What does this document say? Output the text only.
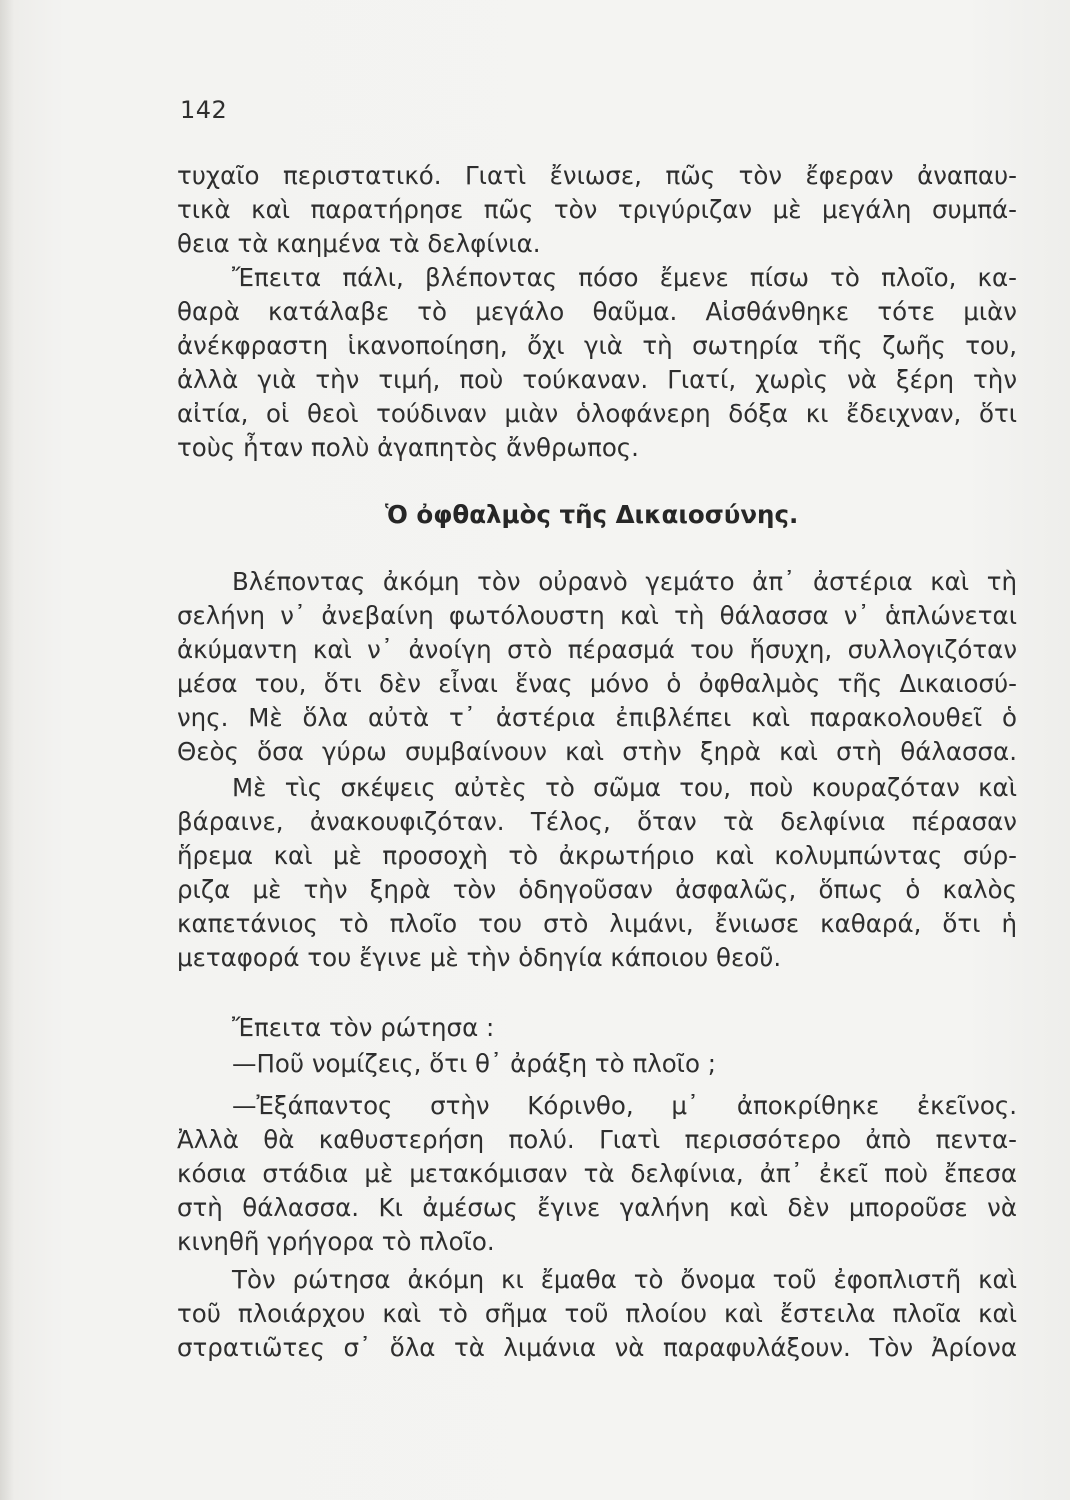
142
τυχαῖο περιστατικό. Γιατὶ ἔνιωσε, πῶς τὸν ἔφεραν ἀναπαυ-
τικὰ καὶ παρατήρησε πῶς τὸν τριγύριζαν μὲ μεγάλη συμπά-
θεια τὰ καημένα τὰ δελφίνια.
Ἔπειτα πάλι, βλέποντας πόσο ἔμενε πίσω τὸ πλοῖο, κα-
θαρὰ κατάλαβε τὸ μεγάλο θαῦμα. Αἰσθάνθηκε τότε μιὰν
ἀνέκφραστη ἱκανοποίηση, ὄχι γιὰ τὴ σωτηρία τῆς ζωῆς του,
ἀλλὰ γιὰ τὴν τιμή, ποὺ τούκαναν. Γιατί, χωρὶς νὰ ξέρη τὴν
αἰτία, οἱ θεοὶ τούδιναν μιὰν ὁλοφάνερη δόξα κι ἔδειχναν, ὅτι
τοὺς ἦταν πολὺ ἀγαπητὸς ἄνθρωπος.
Ὁ ὀφθαλμὸς τῆς Δικαιοσύνης.
Βλέποντας ἀκόμη τὸν οὐρανὸ γεμάτο ἀπ᾽ ἀστέρια καὶ τὴ
σελήνη ν᾽ ἀνεβαίνη φωτόλουστη καὶ τὴ θάλασσα ν᾽ ἁπλώνεται
ἀκύμαντη καὶ ν᾽ ἀνοίγη στὸ πέρασμά του ἥσυχη, συλλογιζόταν
μέσα του, ὅτι δὲν εἶναι ἕνας μόνο ὁ ὀφθαλμὸς τῆς Δικαιοσύ-
νης. Μὲ ὅλα αὐτὰ τ᾽ ἀστέρια ἐπιβλέπει καὶ παρακολουθεῖ ὁ
Θεὸς ὅσα γύρω συμβαίνουν καὶ στὴν ξηρὰ καὶ στὴ θάλασσα.
Μὲ τὶς σκέψεις αὐτὲς τὸ σῶμα του, ποὺ κουραζόταν καὶ
βάραινε, ἀνακουφιζόταν. Τέλος, ὅταν τὰ δελφίνια πέρασαν
ἥρεμα καὶ μὲ προσοχὴ τὸ ἀκρωτήριο καὶ κολυμπώντας σύρ-
ριζα μὲ τὴν ξηρὰ τὸν ὁδηγοῦσαν ἀσφαλῶς, ὅπως ὁ καλὸς
καπετάνιος τὸ πλοῖο του στὸ λιμάνι, ἔνιωσε καθαρά, ὅτι ἡ
μεταφορά του ἔγινε μὲ τὴν ὁδηγία κάποιου θεοῦ.
Ἔπειτα τὸν ρώτησα :
—Ποῦ νομίζεις, ὅτι θ᾽ ἀράξη τὸ πλοῖο ;
—Ἐξάπαντος στὴν Κόρινθο, μ᾽ ἀποκρίθηκε ἐκεῖνος.
Ἀλλὰ θὰ καθυστερήση πολύ. Γιατὶ περισσότερο ἀπὸ πεντα-
κόσια στάδια μὲ μετακόμισαν τὰ δελφίνια, ἀπ᾽ ἐκεῖ ποὺ ἔπεσα
στὴ θάλασσα. Κι ἀμέσως ἔγινε γαλήνη καὶ δὲν μποροῦσε νὰ
κινηθῆ γρήγορα τὸ πλοῖο.
Τὸν ρώτησα ἀκόμη κι ἔμαθα τὸ ὄνομα τοῦ ἐφοπλιστῆ καὶ
τοῦ πλοιάρχου καὶ τὸ σῆμα τοῦ πλοίου καὶ ἔστειλα πλοῖα καὶ
στρατιῶτες σ᾽ ὅλα τὰ λιμάνια νὰ παραφυλάξουν. Τὸν Ἀρίονα
